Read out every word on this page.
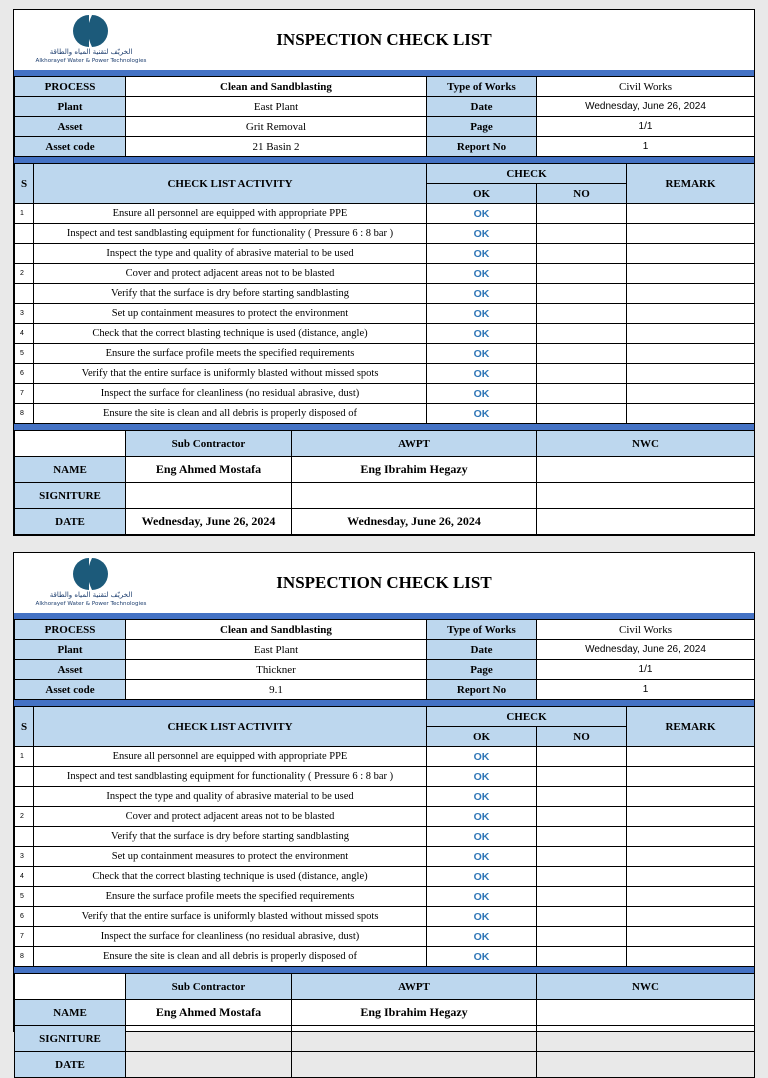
الخريّف لتقنية المياه والطاقة
Alkhorayef Water & Power Technologies
INSPECTION CHECK LIST
PROCESS	Clean and Sandblasting	Type of Works	Civil Works
Plant	East Plant	Date	Wednesday, June 26, 2024
Asset	Grit Removal	Page	1/1
Asset code	21 Basin 2	Report No	1
S	CHECK LIST ACTIVITY	CHECK		REMARK
		OK	NO	
1	Ensure all personnel are equipped with appropriate PPE	OK		
	Inspect and test sandblasting equipment for functionality ( Pressure 6 : 8 bar )	OK		
	Inspect the type and quality of abrasive material to be used	OK		
2	Cover and protect adjacent areas not to be blasted	OK		
	Verify that the surface is dry before starting sandblasting	OK		
3	Set up containment measures to protect the environment	OK		
4	Check that the correct blasting technique is used (distance, angle)	OK		
5	Ensure the surface profile meets the specified requirements	OK		
6	Verify that the entire surface is uniformly blasted without missed spots	OK		
7	Inspect the surface for cleanliness (no residual abrasive, dust)	OK		
8	Ensure the site is clean and all debris is properly disposed of	OK		
	Sub Contractor	AWPT	NWC
NAME	Eng Ahmed Mostafa	Eng Ibrahim Hegazy	
SIGNITURE			
DATE	Wednesday, June 26, 2024	Wednesday, June 26, 2024	
الخريّف لتقنية المياه والطاقة
Alkhorayef Water & Power Technologies
INSPECTION CHECK LIST
PROCESS	Clean and Sandblasting	Type of Works	Civil Works
Plant	East Plant	Date	Wednesday, June 26, 2024
Asset	Thickner	Page	1/1
Asset code	9.1	Report No	1
S	CHECK LIST ACTIVITY	CHECK		REMARK
		OK	NO	
1	Ensure all personnel are equipped with appropriate PPE	OK		
	Inspect and test sandblasting equipment for functionality ( Pressure 6 : 8 bar )	OK		
	Inspect the type and quality of abrasive material to be used	OK		
2	Cover and protect adjacent areas not to be blasted	OK		
	Verify that the surface is dry before starting sandblasting	OK		
3	Set up containment measures to protect the environment	OK		
4	Check that the correct blasting technique is used (distance, angle)	OK		
5	Ensure the surface profile meets the specified requirements	OK		
6	Verify that the entire surface is uniformly blasted without missed spots	OK		
7	Inspect the surface for cleanliness (no residual abrasive, dust)	OK		
8	Ensure the site is clean and all debris is properly disposed of	OK		
	Sub Contractor	AWPT	NWC
NAME	Eng Ahmed Mostafa	Eng Ibrahim Hegazy	
SIGNITURE			
DATE			
